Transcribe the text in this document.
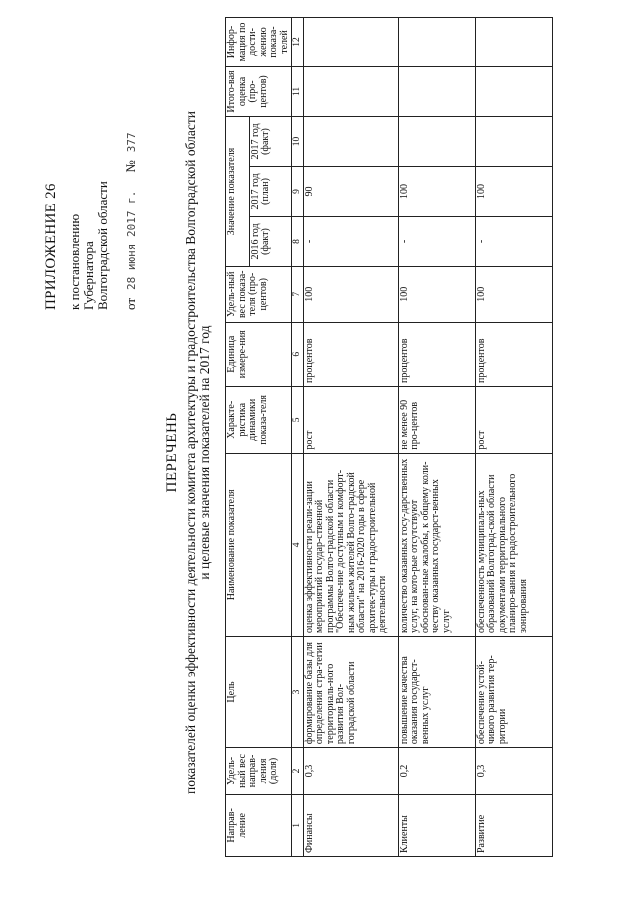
ПРИЛОЖЕНИЕ 26 к постановлению Губернатора Волгоградской области от
28 июня 2017 г.
№
377
ПЕРЕЧЕНЬ показателей оценки эффективности деятельности комитета архитектуры и градостроительства Волгоградской области и целевые значения показателей на 2017 год
Направ-ление	Удель-ный вес направ-ления (доля)	Цель	Наименование показателя	Характе-ристика динамики показа-теля	Единица измере-ния	Удель-ный вес показа-теля (про-центов)	Значение показателя			Итого-вая оценка (про-центов)	Инфор-мация по дости-жению показа-телей
							2016 год (факт)	2017 год (план)	2017 год (факт)		
1	2	3	4	5	6	7	8	9	10	11	12
Финансы	0,3	формирование базы для определения стра-тегии территориаль-ного развития Вол-гоградской области	оценка эффективности реали-зации мероприятий государ-ственной программы Волго-градской области "Обеспече-ние доступным и комфорт-ным жильем жителей Волго-градской области" на 2016-2020 годы в сфере архитек-туры и градостроительной деятельности	рост	процентов	100	-	90			
Клиенты	0,2	повышение качества оказания государст-венных услуг	количество оказанных госу-дарственных услуг, на кото-рые отсутствуют обоснован-ные жалобы, к общему коли-честву оказанных государст-венных услуг	не менее 90 про-центов	процентов	100	-	100			
Развитие	0,3	обеспечение устой-чивого развития тер-ритории	обеспеченность муниципаль-ных образований Волгоград-ской области документами территориального планиро-вания и градостроительного зонирования	рост	процентов	100	-	100			
